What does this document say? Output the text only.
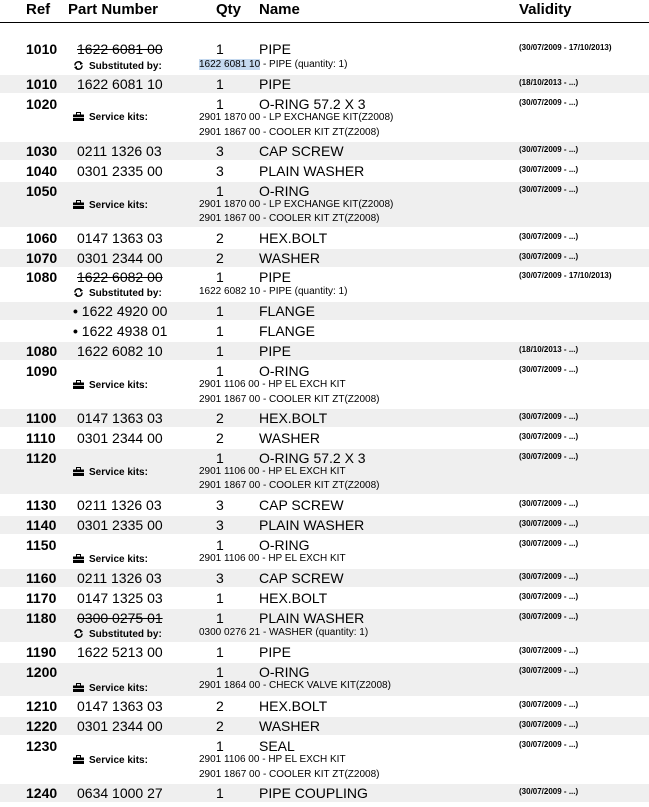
Ref Part Number	Qty Name	Validity
1010 1622 6081 00	1	PIPE	(30/07/2009 - 17/10/2013)
Substituted by:	1622 6081 10 - PIPE (quantity: 1)
1010 1622 6081 10	1	PIPE	(18/10/2013 - ...)
1020	1	O-RING 57.2 X 3	(30/07/2009 - ...)
Service kits:	2901 1870 00 - LP EXCHANGE KIT(Z2008)
2901 1867 00 - COOLER KIT ZT(Z2008)
1030 0211 1326 03	3	CAP SCREW	(30/07/2009 - ...)
1040 0301 2335 00	3	PLAIN WASHER	(30/07/2009 - ...)
1050	1	O-RING	(30/07/2009 - ...)
Service kits:	2901 1870 00 - LP EXCHANGE KIT(Z2008)
2901 1867 00 - COOLER KIT ZT(Z2008)
1060 0147 1363 03	2	HEX.BOLT	(30/07/2009 - ...)
1070 0301 2344 00	2	WASHER	(30/07/2009 - ...)
1080 1622 6082 00	1	PIPE	(30/07/2009 - 17/10/2013)
Substituted by:	1622 6082 10 - PIPE (quantity: 1)
• 1622 4920 00	1	FLANGE
• 1622 4938 01	1	FLANGE
1080 1622 6082 10	1	PIPE	(18/10/2013 - ...)
1090	1	O-RING	(30/07/2009 - ...)
Service kits:	2901 1106 00 - HP EL EXCH KIT
2901 1867 00 - COOLER KIT ZT(Z2008)
1100 0147 1363 03	2	HEX.BOLT	(30/07/2009 - ...)
1110 0301 2344 00	2	WASHER	(30/07/2009 - ...)
1120	1	O-RING 57.2 X 3	(30/07/2009 - ...)
Service kits:	2901 1106 00 - HP EL EXCH KIT
2901 1867 00 - COOLER KIT ZT(Z2008)
1130 0211 1326 03	3	CAP SCREW	(30/07/2009 - ...)
1140 0301 2335 00	3	PLAIN WASHER	(30/07/2009 - ...)
1150	1	O-RING	(30/07/2009 - ...)
Service kits:	2901 1106 00 - HP EL EXCH KIT
1160 0211 1326 03	3	CAP SCREW	(30/07/2009 - ...)
1170 0147 1325 03	1	HEX.BOLT	(30/07/2009 - ...)
1180 0300 0275 01	1	PLAIN WASHER	(30/07/2009 - ...)
Substituted by:	0300 0276 21 - WASHER (quantity: 1)
1190 1622 5213 00	1	PIPE	(30/07/2009 - ...)
1200	1	O-RING	(30/07/2009 - ...)
Service kits:	2901 1864 00 - CHECK VALVE KIT(Z2008)
1210 0147 1363 03	2	HEX.BOLT	(30/07/2009 - ...)
1220 0301 2344 00	2	WASHER	(30/07/2009 - ...)
1230	1	SEAL	(30/07/2009 - ...)
Service kits:	2901 1106 00 - HP EL EXCH KIT
2901 1867 00 - COOLER KIT ZT(Z2008)
1240 0634 1000 27	1	PIPE COUPLING	(30/07/2009 - ...)
